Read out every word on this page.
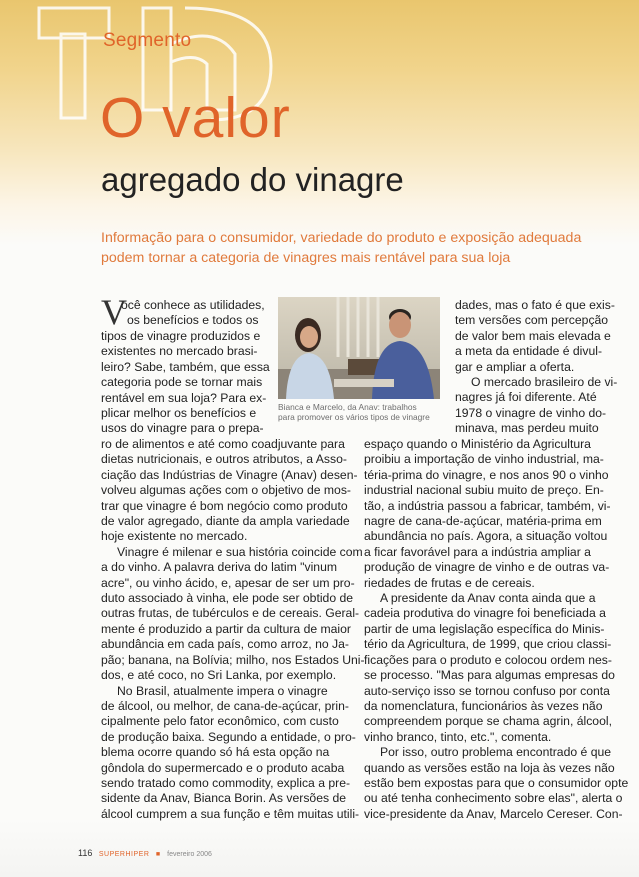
Segmento
O valor
agregado do vinagre

Informação para o consumidor, variedade do produto e exposição adequada

podem tornar a categoria de vinagres mais rentável para sua loja

V

ocê conhece as utilidades,

os benefícios e todos os

tipos de vinagre produzidos e

existentes no mercado brasi-

leiro? Sabe, também, que essa

categoria pode se tornar mais

rentável em sua loja? Para ex-

plicar melhor os benefícios e

usos do vinagre para o prepa-

ro de alimentos e até como coadjuvante para

dietas nutricionais, e outros atributos, a Asso-

ciação das Indústrias de Vinagre (Anav) desen-

volveu algumas ações com o objetivo de mos-

trar que vinagre é bom negócio como produto

de valor agregado, diante da ampla variedade

hoje existente no mercado.

Vinagre é milenar e sua história coincide com

a do vinho. A palavra deriva do latim "vinum

acre", ou vinho ácido, e, apesar de ser um pro-

duto associado à vinha, ele pode ser obtido de

outras frutas, de tubérculos e de cereais. Geral-

mente é produzido a partir da cultura de maior

abundância em cada país, como arroz, no Ja-

pão; banana, na Bolívia; milho, nos Estados Uni-

dos, e até coco, no Sri Lanka, por exemplo.

No Brasil, atualmente impera o vinagre

de álcool, ou melhor, de cana-de-açúcar, prin-

cipalmente pelo fator econômico, com custo

de produção baixa. Segundo a entidade, o pro-

blema ocorre quando só há esta opção na

gôndola do supermercado e o produto acaba

sendo tratado como commodity, explica a pre-

sidente da Anav, Bianca Borin. As versões de

álcool cumprem a sua função e têm muitas utili-

Bianca e Marcelo, da Anav: trabalhos

para promover os vários tipos de vinagre

dades, mas o fato é que exis-

tem versões com percepção

de valor bem mais elevada e

a meta da entidade é divul-

gar e ampliar a oferta.

O mercado brasileiro de vi-

nagres já foi diferente. Até

1978 o vinagre de vinho do-

minava, mas perdeu muito

espaço quando o Ministério da Agricultura

proibiu a importação de vinho industrial, ma-

téria-prima do vinagre, e nos anos 90 o vinho

industrial nacional subiu muito de preço. En-

tão, a indústria passou a fabricar, também, vi-

nagre de cana-de-açúcar, matéria-prima em

abundância no país. Agora, a situação voltou

a ficar favorável para a indústria ampliar a

produção de vinagre de vinho e de outras va-

riedades de frutas e de cereais.

A presidente da Anav conta ainda que a

cadeia produtiva do vinagre foi beneficiada a

partir de uma legislação específica do Minis-

tério da Agricultura, de 1999, que criou classi-

ficações para o produto e colocou ordem nes-

se processo. "Mas para algumas empresas do

auto-serviço isso se tornou confuso por conta

da nomenclatura, funcionários às vezes não

compreendem porque se chama agrin, álcool,

vinho branco, tinto, etc.", comenta.

Por isso, outro problema encontrado é que

quando as versões estão na loja às vezes não

estão bem expostas para que o consumidor opte

ou até tenha conhecimento sobre elas", alerta o

vice-presidente da Anav, Marcelo Cereser. Con-

116 SUPERHIPER ■ fevereiro 2006
